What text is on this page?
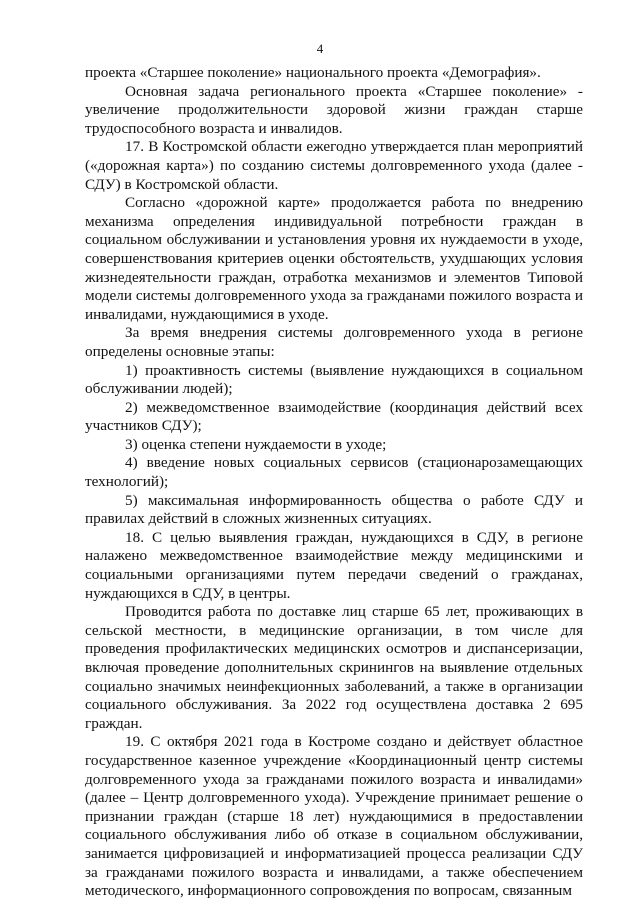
4

проекта «Старшее поколение» национального проекта «Демография».

Основная задача регионального проекта «Старшее поколение» - увеличение продолжительности здоровой жизни граждан старше трудоспособного возраста и инвалидов.

17. В Костромской области ежегодно утверждается план мероприятий («дорожная карта») по созданию системы долговременного ухода (далее - СДУ) в Костромской области.

Согласно «дорожной карте» продолжается работа по внедрению механизма определения индивидуальной потребности граждан в социальном обслуживании и установления уровня их нуждаемости в уходе, совершенствования критериев оценки обстоятельств, ухудшающих условия жизнедеятельности граждан, отработка механизмов и элементов Типовой модели системы долговременного ухода за гражданами пожилого возраста и инвалидами, нуждающимися в уходе.

За время внедрения системы долговременного ухода в регионе определены основные этапы:

1) проактивность системы (выявление нуждающихся в социальном обслуживании людей);

2) межведомственное взаимодействие (координация действий всех участников СДУ);

3) оценка степени нуждаемости в уходе;

4) введение новых социальных сервисов (стационарозамещающих технологий);

5) максимальная информированность общества о работе СДУ и правилах действий в сложных жизненных ситуациях.

18. С целью выявления граждан, нуждающихся в СДУ, в регионе налажено межведомственное взаимодействие между медицинскими и социальными организациями путем передачи сведений о гражданах, нуждающихся в СДУ, в центры.

Проводится работа по доставке лиц старше 65 лет, проживающих в сельской местности, в медицинские организации, в том числе для проведения профилактических медицинских осмотров и диспансеризации, включая проведение дополнительных скринингов на выявление отдельных социально значимых неинфекционных заболеваний, а также в организации социального обслуживания. За 2022 год осуществлена доставка 2 695 граждан.

19. С октября 2021 года в Костроме создано и действует областное государственное казенное учреждение «Координационный центр системы долговременного ухода за гражданами пожилого возраста и инвалидами» (далее – Центр долговременного ухода). Учреждение принимает решение о признании граждан (старше 18 лет) нуждающимися в предоставлении социального обслуживания либо об отказе в социальном обслуживании, занимается цифровизацией и информатизацией процесса реализации СДУ за гражданами пожилого возраста и инвалидами, а также обеспечением методического, информационного сопровождения по вопросам, связанным
